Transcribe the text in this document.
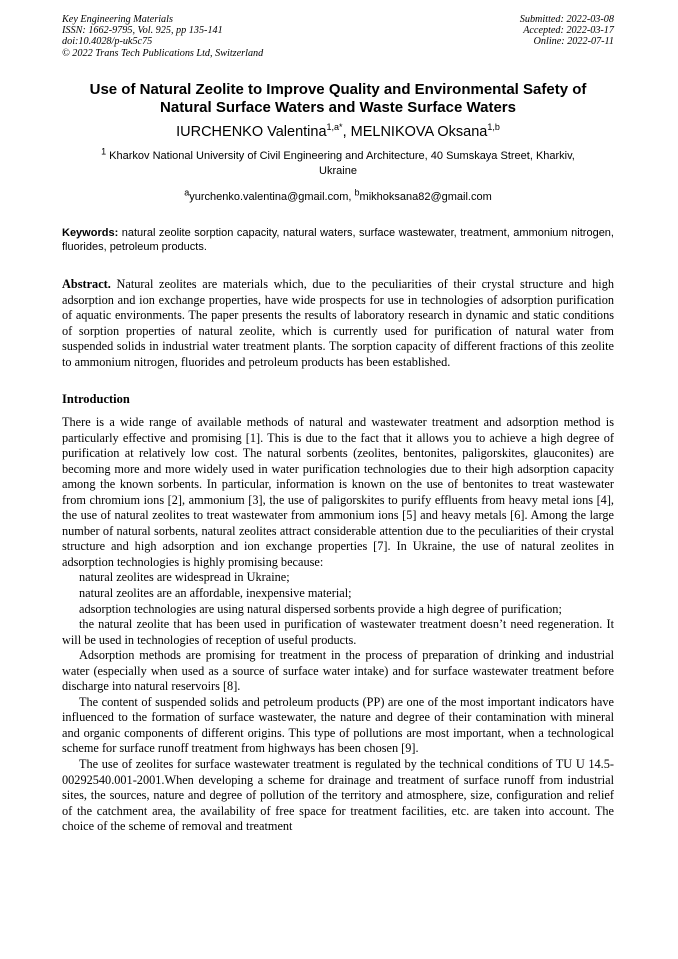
Key Engineering Materials
ISSN: 1662-9795, Vol. 925, pp 135-141
doi:10.4028/p-uk5c75
© 2022 Trans Tech Publications Ltd, Switzerland
Submitted: 2022-03-08
Accepted: 2022-03-17
Online: 2022-07-11
Use of Natural Zeolite to Improve Quality and Environmental Safety of Natural Surface Waters and Waste Surface Waters
IURCHENKO Valentina$^{1,a*}$, MELNIKOVA Oksana$^{1,b}$
$^1$ Kharkov National University of Civil Engineering and Architecture, 40 Sumskaya Street, Kharkiv, Ukraine
$^a$yurchenko.valentina@gmail.com, $^b$mikhoksana82@gmail.com
Keywords: natural zeolite sorption capacity, natural waters, surface wastewater, treatment, ammonium nitrogen, fluorides, petroleum products.
Abstract. Natural zeolites are materials which, due to the peculiarities of their crystal structure and high adsorption and ion exchange properties, have wide prospects for use in technologies of adsorption purification of aquatic environments. The paper presents the results of laboratory research in dynamic and static conditions of sorption properties of natural zeolite, which is currently used for purification of natural water from suspended solids in industrial water treatment plants. The sorption capacity of different fractions of this zeolite to ammonium nitrogen, fluorides and petroleum products has been established.
Introduction

There is a wide range of available methods of natural and wastewater treatment and adsorption method is particularly effective and promising [1]. This is due to the fact that it allows you to achieve a high degree of purification at relatively low cost. The natural sorbents (zeolites, bentonites, paligorskites, glauconites) are becoming more and more widely used in water purification technologies due to their high adsorption capacity among the known sorbents. In particular, information is known on the use of bentonites to treat wastewater from chromium ions [2], ammonium [3], the use of paligorskites to purify effluents from heavy metal ions [4], the use of natural zeolites to treat wastewater from ammonium ions [5] and heavy metals [6]. Among the large number of natural sorbents, natural zeolites attract considerable attention due to the peculiarities of their crystal structure and high adsorption and ion exchange properties [7]. In Ukraine, the use of natural zeolites in adsorption technologies is highly promising because:

natural zeolites are widespread in Ukraine;

natural zeolites are an affordable, inexpensive material;

adsorption technologies are using natural dispersed sorbents provide a high degree of purification;

the natural zeolite that has been used in purification of wastewater treatment doesn’t need regeneration. It will be used in technologies of reception of useful products.

Adsorption methods are promising for treatment in the process of preparation of drinking and industrial water (especially when used as a source of surface water intake) and for surface wastewater treatment before discharge into natural reservoirs [8].

The content of suspended solids and petroleum products (PP) are one of the most important indicators have influenced to the formation of surface wastewater, the nature and degree of their contamination with mineral and organic components of different origins. This type of pollutions are most important, when a technological scheme for surface runoff treatment from highways has been chosen [9].

The use of zeolites for surface wastewater treatment is regulated by the technical conditions of TU U 14.5-00292540.001-2001.When developing a scheme for drainage and treatment of surface runoff from industrial sites, the sources, nature and degree of pollution of the territory and atmosphere, size, configuration and relief of the catchment area, the availability of free space for treatment facilities, etc. are taken into account. The choice of the scheme of removal and treatment
